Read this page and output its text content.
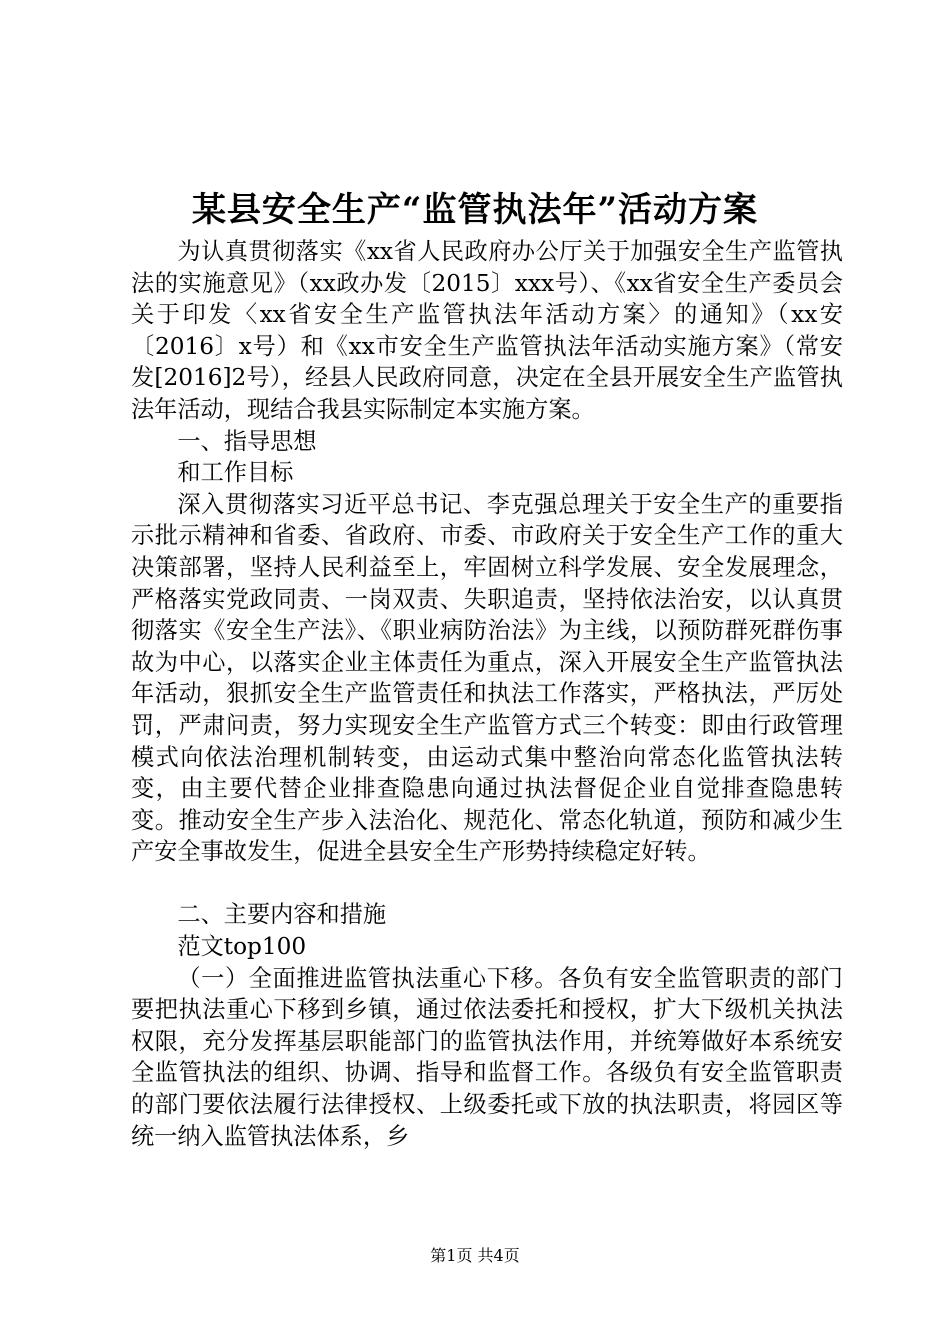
某县安全生产“监管执法年”活动方案

为认真贯彻落实《xx省人民政府办公厅关于加强安全生产监管执法的实施意见》（xx政办发〔2015〕xxx号）、《xx省安全生产委员会关于印发〈xx省安全生产监管执法年活动方案〉的通知》（xx安〔2016〕x号）和《xx市安全生产监管执法年活动实施方案》（常安发[2016]2号），经县人民政府同意，决定在全县开展安全生产监管执法年活动，现结合我县实际制定本实施方案。

一、指导思想

和工作目标

深入贯彻落实习近平总书记、李克强总理关于安全生产的重要指示批示精神和省委、省政府、市委、市政府关于安全生产工作的重大决策部署，坚持人民利益至上，牢固树立科学发展、安全发展理念，严格落实党政同责、一岗双责、失职追责，坚持依法治安，以认真贯彻落实《安全生产法》、《职业病防治法》为主线，以预防群死群伤事故为中心，以落实企业主体责任为重点，深入开展安全生产监管执法年活动，狠抓安全生产监管责任和执法工作落实，严格执法，严厉处罚，严肃问责，努力实现安全生产监管方式三个转变：即由行政管理模式向依法治理机制转变，由运动式集中整治向常态化监管执法转变，由主要代替企业排查隐患向通过执法督促企业自觉排查隐患转变。推动安全生产步入法治化、规范化、常态化轨道，预防和减少生产安全事故发生，促进全县安全生产形势持续稳定好转。

二、主要内容和措施

范文top100

（一）全面推进监管执法重心下移。各负有安全监管职责的部门要把执法重心下移到乡镇，通过依法委托和授权，扩大下级机关执法权限，充分发挥基层职能部门的监管执法作用，并统筹做好本系统安全监管执法的组织、协调、指导和监督工作。各级负有安全监管职责的部门要依法履行法律授权、上级委托或下放的执法职责，将园区等统一纳入监管执法体系，乡

第1页 共4页
